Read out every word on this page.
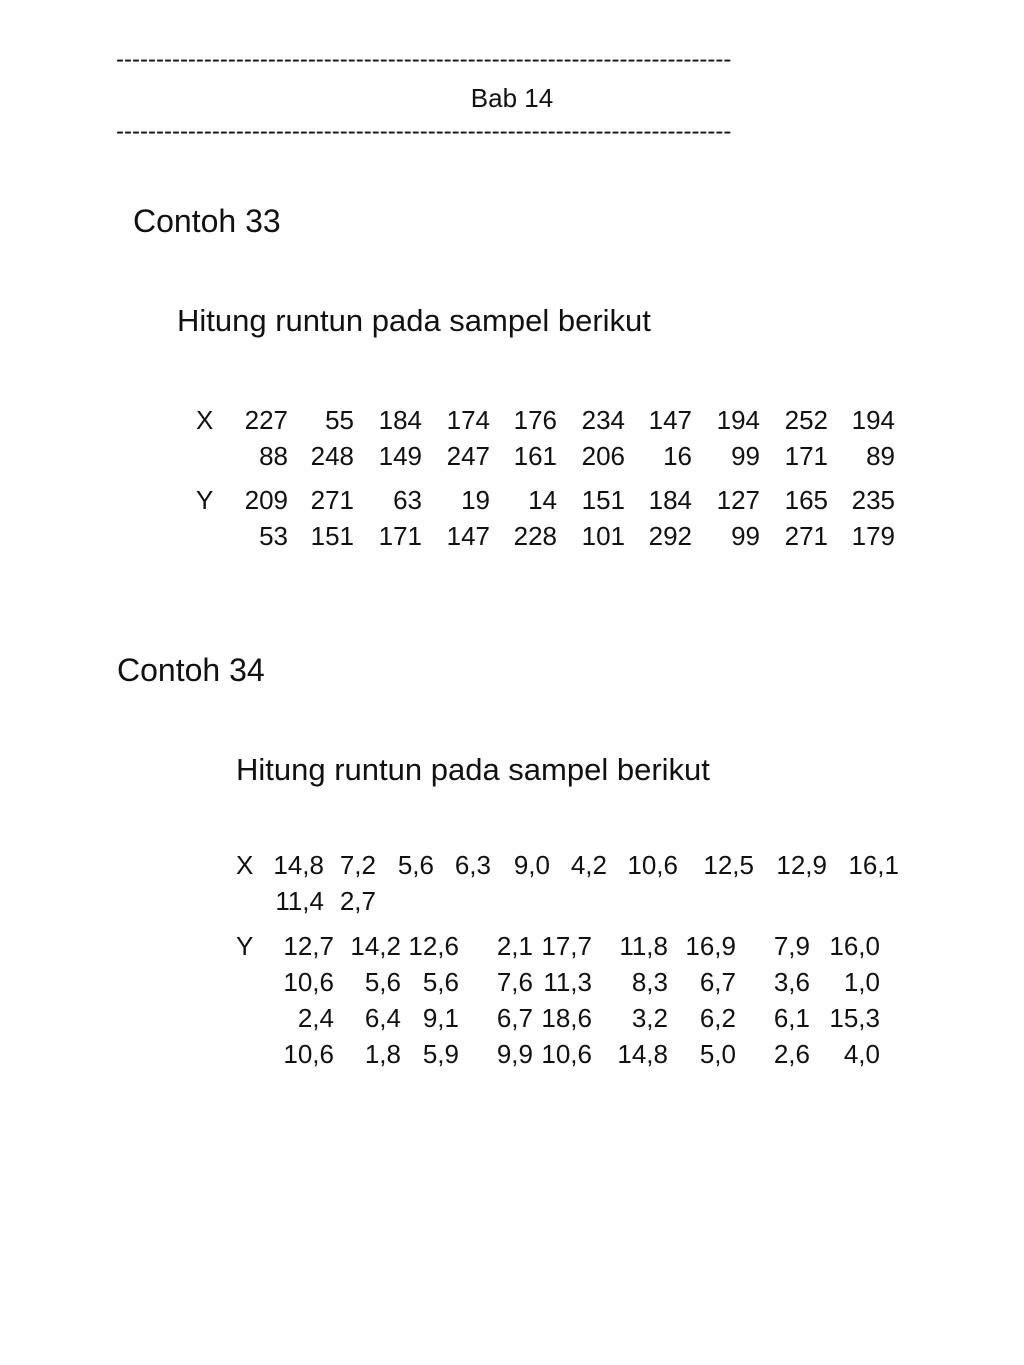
-----------------------------------------------------------------------------
Bab 14
-----------------------------------------------------------------------------
Contoh 33
Hitung runtun pada sampel berikut
X	227	55	184	174	176	234	147	194	252	194
	88	248	149	247	161	206	16	99	171	89

Y	209	271	63	19	14	151	184	127	165	235
	53	151	171	147	228	101	292	99	271	179
Contoh 34
Hitung runtun pada sampel berikut
X	14,8	7,2	5,6	6,3	9,0	4,2	10,6	12,5	12,9	16,1
	11,4	2,7								
Y	12,7	14,2	12,6	2,1	17,7	11,8	16,9	7,9	16,0
	10,6	5,6	5,6	7,6	11,3	8,3	6,7	3,6	1,0
	2,4	6,4	9,1	6,7	18,6	3,2	6,2	6,1	15,3
	10,6	1,8	5,9	9,9	10,6	14,8	5,0	2,6	4,0
